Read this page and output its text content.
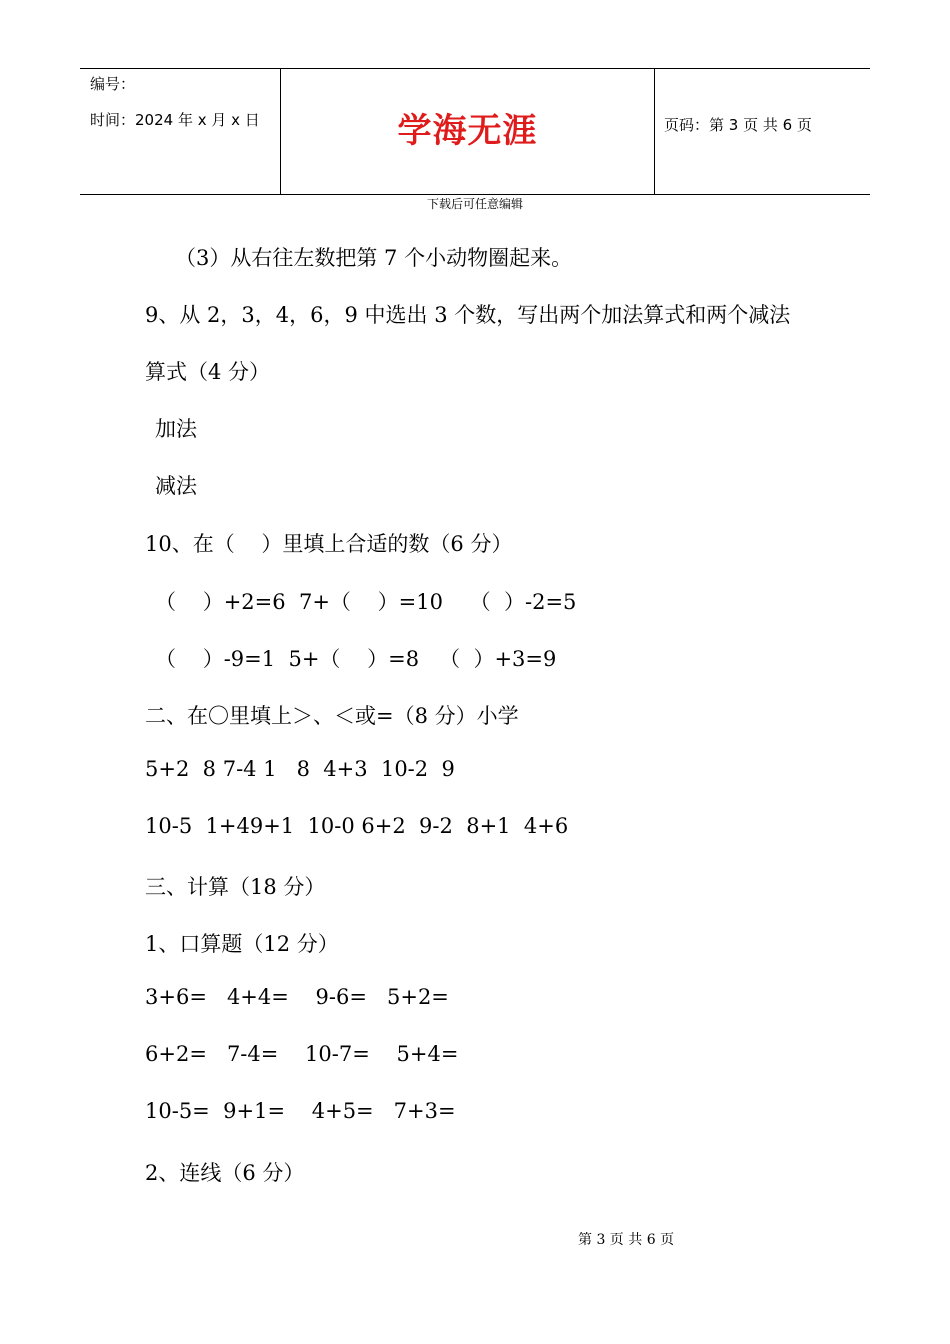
编号：
时间：2024 年 x 月 x 日	学海无涯	页码：第 3 页 共 6 页
下载后可任意编辑
（3）从右往左数把第 7 个小动物圈起来。
9、从 2，3，4，6，9 中选出 3 个数，写出两个加法算式和两个减法
算式（4 分）
加法
减法
10、在（    ）里填上合适的数（6 分）
（    ）+2=6  7+（    ）=10    （  ）-2=5
（    ）-9=1  5+（    ）=8   （  ）+3=9
二、在〇里填上＞、＜或=（8 分）小学
5+2  8 7-4 1   8  4+3  10-2  9
10-5  1+49+1  10-0 6+2  9-2  8+1  4+6
三、计算（18 分）
1、口算题（12 分）
3+6=   4+4=    9-6=   5+2=
6+2=   7-4=    10-7=    5+4=
10-5=  9+1=    4+5=   7+3=
2、连线（6 分）
第 3 页 共 6 页
